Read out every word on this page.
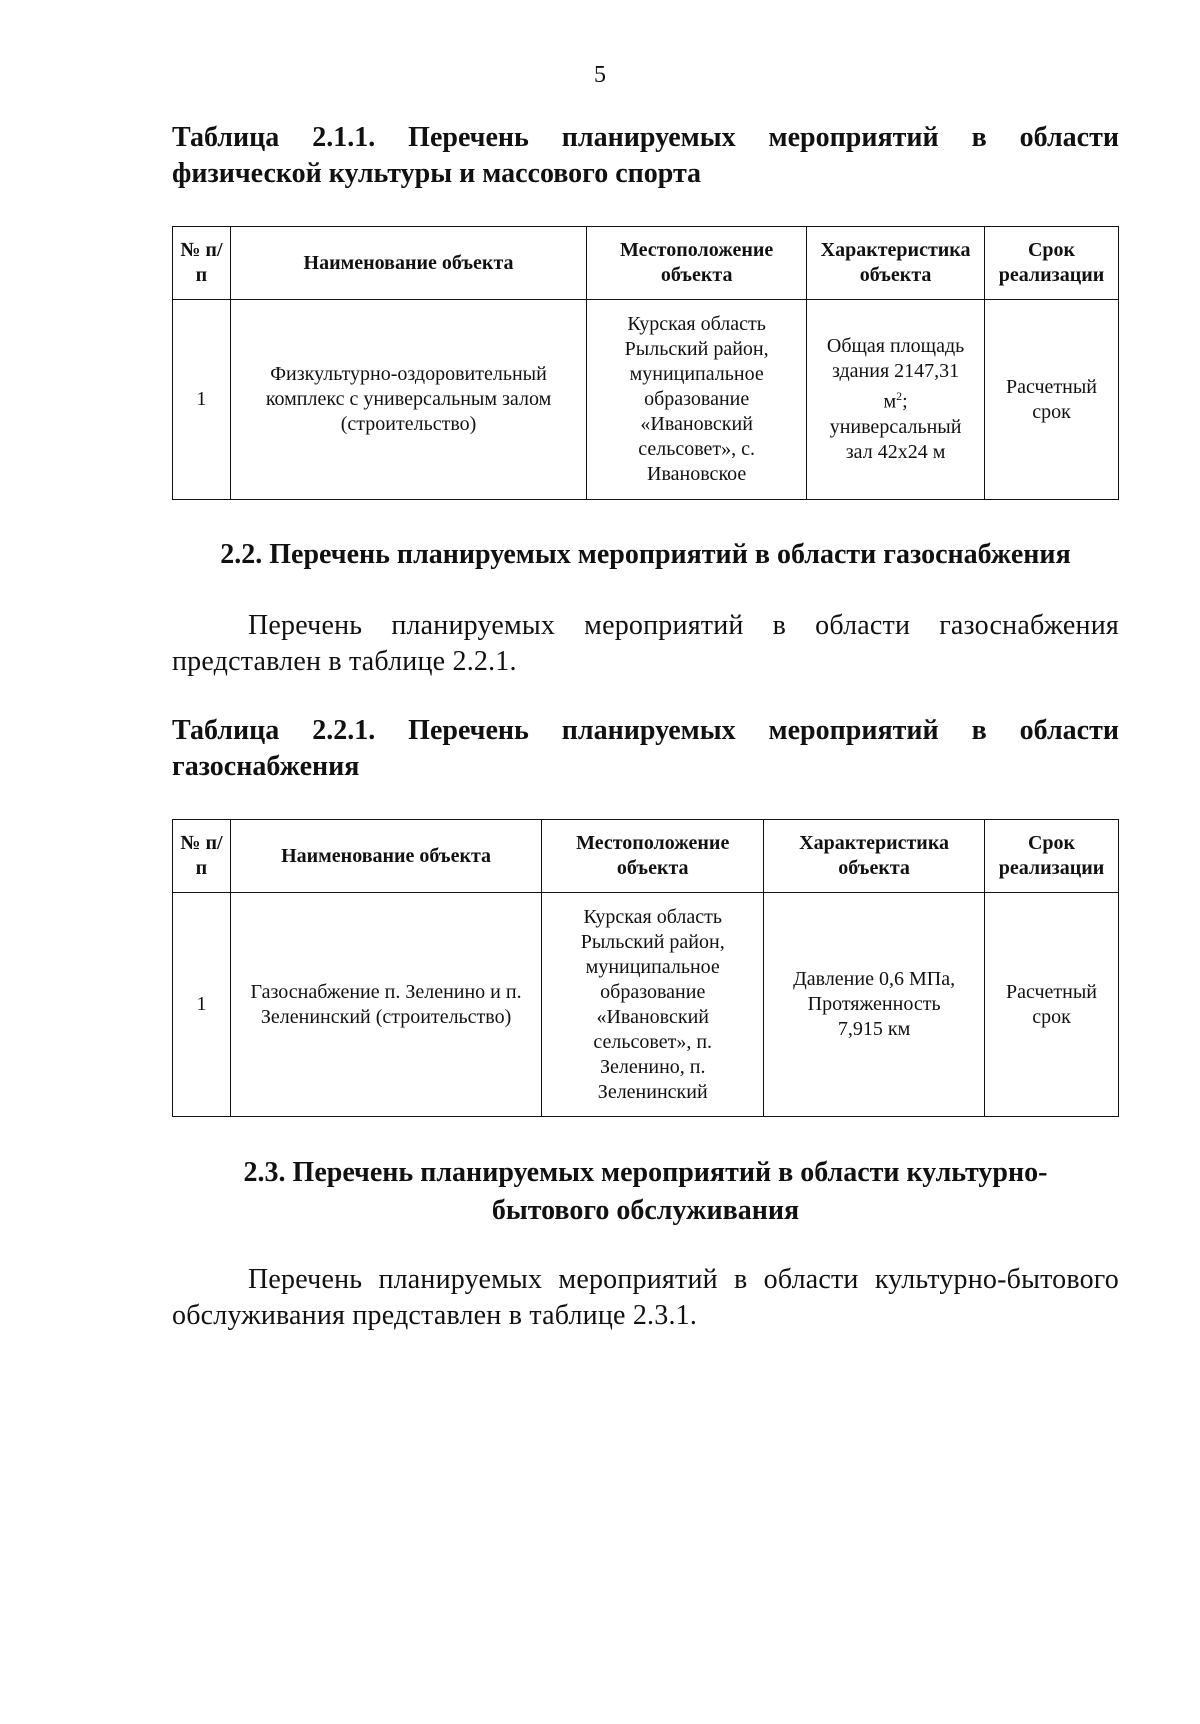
5
Таблица 2.1.1. Перечень планируемых мероприятий в области физической культуры и массового спорта
№ п/п	Наименование объекта	Местоположение объекта	Характеристика объекта	Срок реализации
1	Физкультурно-оздоровительный комплекс с универсальным залом (строительство)	Курская область Рыльский район, муниципальное образование «Ивановский сельсовет», с. Ивановское	Общая площадь здания 2147,31 $м^2$; универсальный зал 42х24 м	Расчетный срок
2.2. Перечень планируемых мероприятий в области газоснабжения
Перечень планируемых мероприятий в области газоснабжения представлен в таблице 2.2.1.
Таблица 2.2.1. Перечень планируемых мероприятий в области газоснабжения
№ п/п	Наименование объекта	Местоположение объекта	Характеристика объекта	Срок реализации
1	Газоснабжение п. Зеленино и п. Зеленинский (строительство)	Курская область Рыльский район, муниципальное образование «Ивановский сельсовет», п. Зеленино, п. Зеленинский	Давление 0,6 МПа, Протяженность 7,915 км	Расчетный срок
2.3. Перечень планируемых мероприятий в области культурно-бытового обслуживания
Перечень планируемых мероприятий в области культурно-бытового обслуживания представлен в таблице 2.3.1.
